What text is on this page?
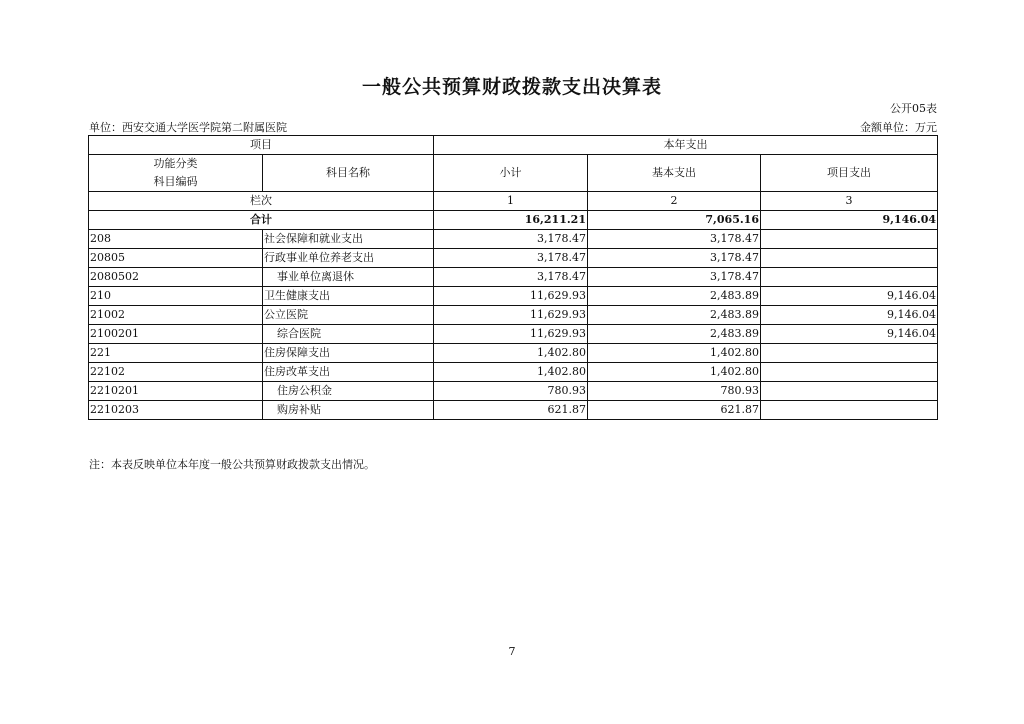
一般公共预算财政拨款支出决算表
公开05表
单位：西安交通大学医学院第二附属医院	金额单位：万元
项目		本年支出		

功能分类
科目编码	科目名称	小计	基本支出	项目支出
栏次		1	2	3
合计		16,211.21	7,065.16	9,146.04
208	社会保障和就业支出	3,178.47	3,178.47	
20805	行政事业单位养老支出	3,178.47	3,178.47	
2080502	事业单位离退休	3,178.47	3,178.47	
210	卫生健康支出	11,629.93	2,483.89	9,146.04
21002	公立医院	11,629.93	2,483.89	9,146.04
2100201	综合医院	11,629.93	2,483.89	9,146.04
221	住房保障支出	1,402.80	1,402.80	
22102	住房改革支出	1,402.80	1,402.80	
2210201	住房公积金	780.93	780.93	
2210203	购房补贴	621.87	621.87	
注：本表反映单位本年度一般公共预算财政拨款支出情况。
7
